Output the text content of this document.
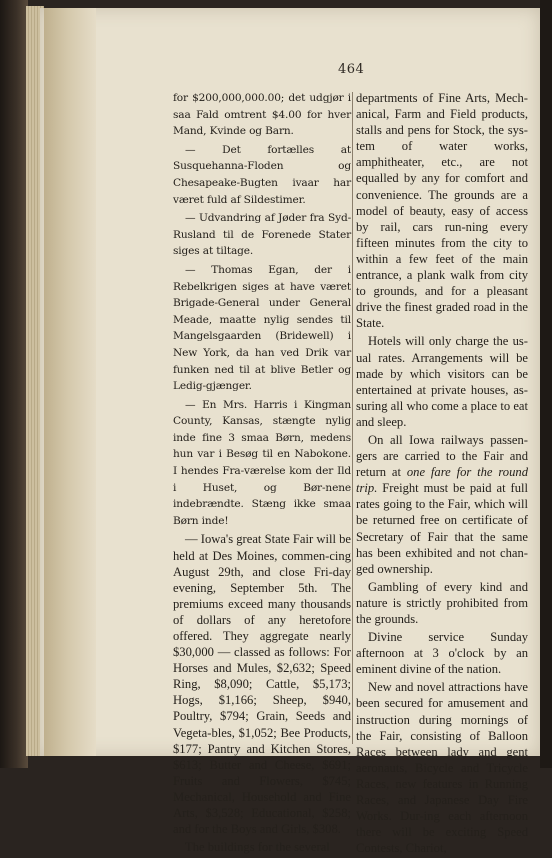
464

for $200,000,000.00; det udgjør i saa Fald omtrent $4.00 for hver Mand, Kvinde og Barn.

— Det fortælles at Susquehanna-Floden og Chesapeake-Bugten ivaar har været fuld af Sildestimer.

— Udvandring af Jøder fra Syd-Rusland til de Forenede Stater siges at tiltage.

— Thomas Egan, der i Rebelkrigen siges at have været Brigade-General under General Meade, maatte nylig sendes til Mangelsgaarden (Bridewell) i New York, da han ved Drik var funken ned til at blive Betler og Ledig-gjænger.

— En Mrs. Harris i Kingman County, Kansas, stængte nylig inde fine 3 smaa Børn, medens hun var i Besøg til en Nabokone. I hendes Fra-værelse kom der Ild i Huset, og Bør-nene indebrændte. Stæng ikke smaa Børn inde!

— Iowa's great State Fair will be held at Des Moines, commen-cing August 29th, and close Fri-day evening, September 5th. The premiums exceed many thousands of dollars of any heretofore offered. They aggregate nearly $30,000 — classed as follows: For Horses and Mules, $2,632; Speed Ring, $8,090; Cattle, $5,173; Hogs, $1,166; Sheep, $940, Poultry, $794; Grain, Seeds and Vegeta-bles, $1,052; Bee Products, $177; Pantry and Kitchen Stores, $613; Butter and Cheese, $691; Fruits and Flowers, $745; Mechanical, Household and Fine Arts, $3,528; Educational, $258; and for the Boys and Girls, $308.

The buildings for the several

departments of Fine Arts, Mech-anical, Farm and Field products, stalls and pens for Stock, the sys-tem of water works, amphitheater, etc., are not equalled by any for comfort and convenience. The grounds are a model of beauty, easy of access by rail, cars run-ning every fifteen minutes from the city to within a few feet of the main entrance, a plank walk from city to grounds, and for a pleasant drive the finest graded road in the State.

Hotels will only charge the us-ual rates. Arrangements will be made by which visitors can be entertained at private houses, as-suring all who come a place to eat and sleep.

On all Iowa railways passen-gers are carried to the Fair and return at one fare for the round trip. Freight must be paid at full rates going to the Fair, which will be returned free on certificate of Secretary of Fair that the same has been exhibited and not chan-ged ownership.

Gambling of every kind and nature is strictly prohibited from the grounds.

Divine service Sunday afternoon at 3 o'clock by an eminent divine of the nation.

New and novel attractions have been secured for amusement and instruction during mornings of the Fair, consisting of Balloon Races between lady and gent aeronauts, Bicycle and Tricycle Races, new features in Running Races, and Japanese Day Fire Works. Dur-ing each afternoon there will be exciting Speed Contests, Chariot,
